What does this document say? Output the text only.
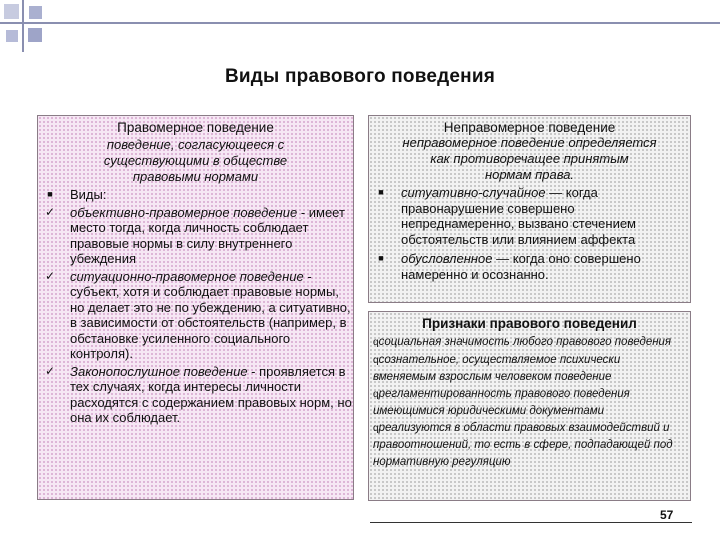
Виды правового поведения
Правомерное поведение
поведение, согласующееся с
существующими в обществе
правовыми нормами
■	Виды:
✓ объективно-правомерное поведение - имеет место тогда, когда личность соблюдает правовые нормы в силу внутреннего убеждения
✓ ситуационно-правомерное поведение - субъект, хотя и соблюдает правовые нормы, но делает это не по убеждению, а ситуативно, в зависимости от обстоятельств (например, в обстановке усиленного социального контроля).
✓ Законопослушное поведение - проявляется в тех случаях, когда интересы личности расходятся с содержанием правовых норм, но она их соблюдает.
Неправомерное поведение
неправомерное поведение определяется
как противоречащее принятым
нормам права.
■	ситуативно-случайное — когда правонарушение совершено непреднамеренно, вызвано стечением обстоятельств или влиянием аффекта
■	обусловленное — когда оно совершено намеренно и осознанно.
Признаки правового поведенил
qсоциальная значимость любого правового поведения
qсознательное, осуществляемое психически вменяемым взрослым человеком поведение
qрегламентированность правового поведения имеющимися юридическими документами
qреализуются в области правовых взаимодействий и правоотношений, то есть в сфере, подпадающей под нормативную регуляцию
57
